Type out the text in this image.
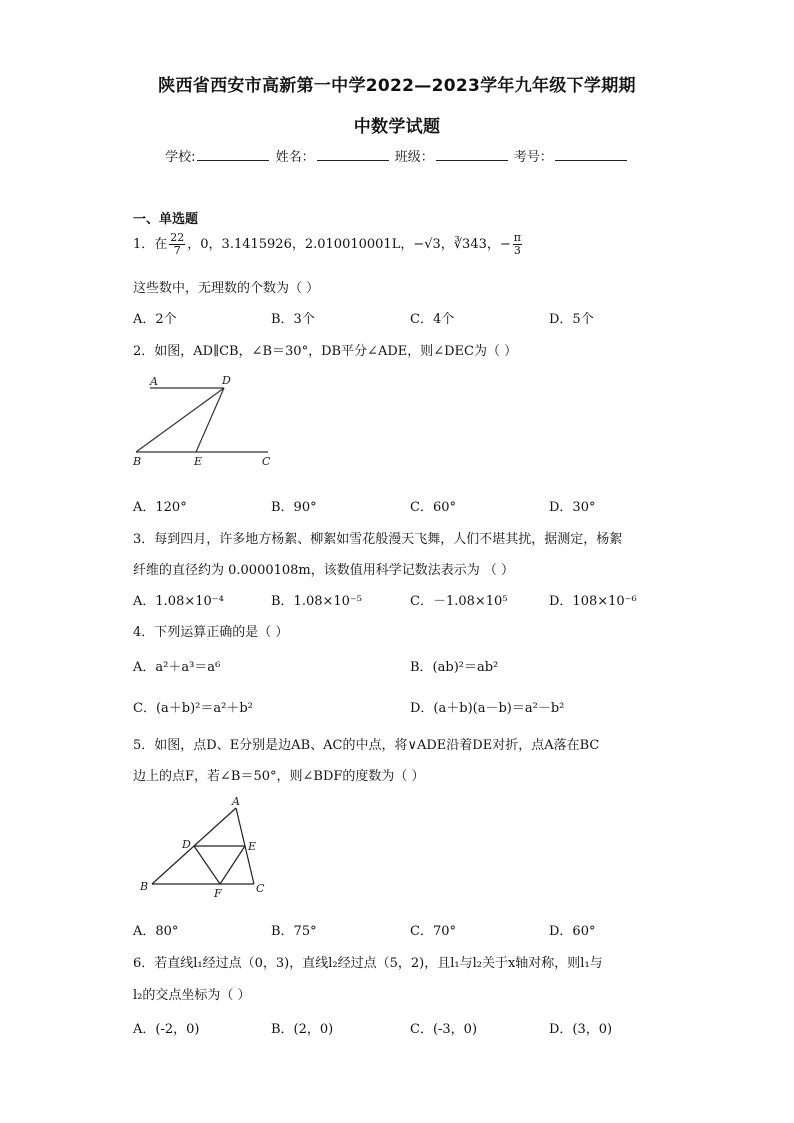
陕西省西安市高新第一中学2022—2023学年九年级下学期期
中数学试题
学校:	姓名：	班级：	考号：
一、单选题
1．在 $\frac{22}{7}$ ，0，3.1415926，2.010010001L，−√3，∛343，− $\frac{\pi}{3}$
这些数中，无理数的个数为（ ）
A．2个	B．3个	C．4个	D．5个
2．如图，AD∥CB，∠B＝30°，DB平分∠ADE，则∠DEC为（ ）
A	D
B	E	C
A．120°	B．90°	C．60°	D．30°
3．每到四月，许多地方杨絮、柳絮如雪花般漫天飞舞，人们不堪其扰，据测定，杨絮
纤维的直径约为 0.0000108m，该数值用科学记数法表示为 （ ）
A．1.08×10⁻⁴	B．1.08×10⁻⁵	C．－1.08×10⁵	D．108×10⁻⁶
4．下列运算正确的是（ ）
A．a²＋a³＝a⁶	B．(ab)²＝ab²
C．(a＋b)²＝a²＋b²	D．(a＋b)(a－b)＝a²－b²
5．如图，点D、E分别是边AB、AC的中点，将∨ADE沿着DE对折，点A落在BC
边上的点F，若∠B＝50°，则∠BDF的度数为（ ）
A
D	E
B
F	C
A．80°	B．75°	C．70°	D．60°
6．若直线l₁经过点（0，3)，直线l₂经过点（5，2)，且l₁与l₂关于x轴对称，则l₁与
l₂的交点坐标为（ ）
A．(-2，0)	B．(2，0)	C．(-3，0)	D．(3，0)
